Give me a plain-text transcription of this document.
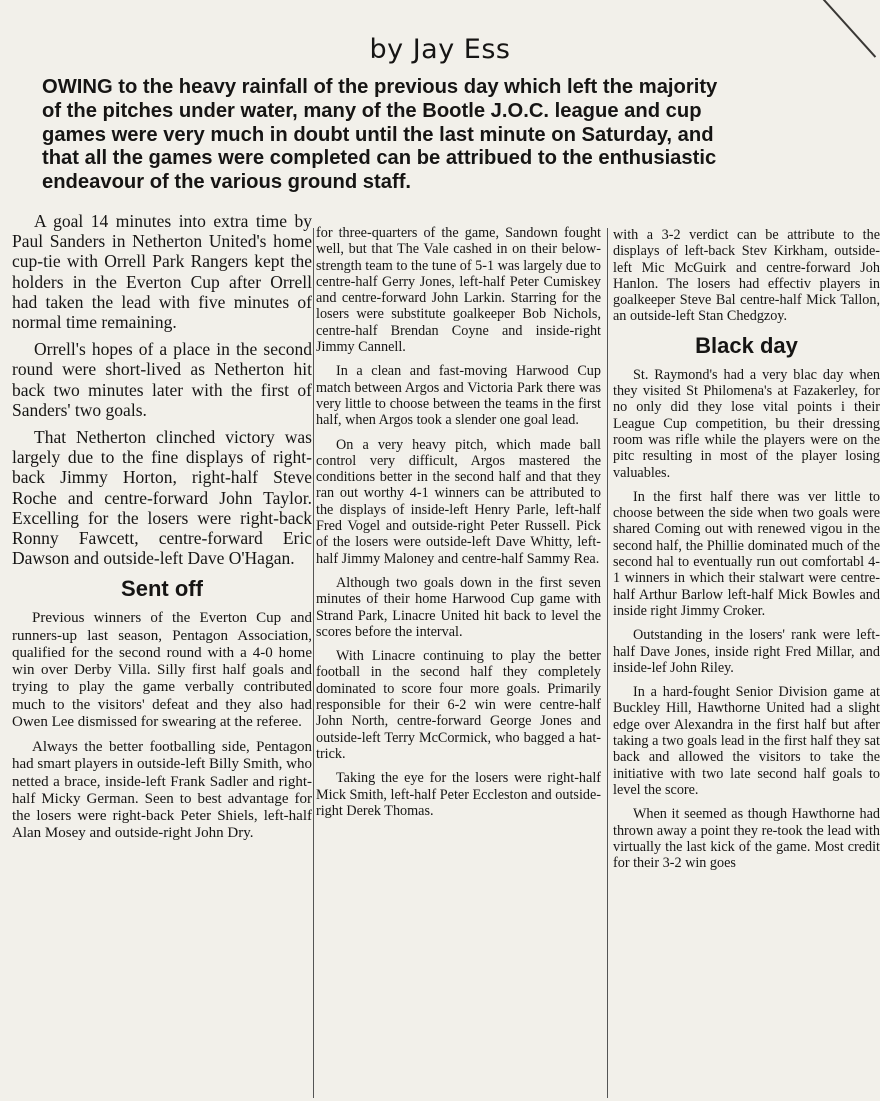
by Jay Ess
OWING to the heavy rainfall of the previous day which left the majority
of the pitches under water, many of the Bootle J.O.C. league and cup
games were very much in doubt until the last minute on Saturday, and
that all the games were completed can be attribued to the enthusiastic
endeavour of the various ground staff.

A goal 14 minutes into extra time by Paul Sanders in Netherton United's home cup-tie with Orrell Park Rangers kept the holders in the Everton Cup after Orrell had taken the lead with five minutes of normal time remaining.

Orrell's hopes of a place in the second round were short-lived as Netherton hit back two minutes later with the first of Sanders' two goals.

That Netherton clinched victory was largely due to the fine displays of right-back Jimmy Horton, right-half Steve Roche and centre-forward John Taylor. Excelling for the losers were right-back Ronny Fawcett, centre-forward Eric Dawson and outside-left Dave O'Hagan.

Sent off

Previous winners of the Everton Cup and runners-up last season, Pentagon Association, qualified for the second round with a 4-0 home win over Derby Villa. Silly first half goals and trying to play the game verbally contributed much to the visitors' defeat and they also had Owen Lee dismissed for swearing at the referee.

Always the better footballing side, Pentagon had smart players in outside-left Billy Smith, who netted a brace, inside-left Frank Sadler and right-half Micky German. Seen to best advantage for the losers were right-back Peter Shiels, left-half Alan Mosey and outside-right John Dry.

for three-quarters of the game, Sandown fought well, but that The Vale cashed in on their below-strength team to the tune of 5-1 was largely due to centre-half Gerry Jones, left-half Peter Cumiskey and centre-forward John Larkin. Starring for the losers were substitute goalkeeper Bob Nichols, centre-half Brendan Coyne and inside-right Jimmy Cannell.

In a clean and fast-moving Harwood Cup match between Argos and Victoria Park there was very little to choose between the teams in the first half, when Argos took a slender one goal lead.

On a very heavy pitch, which made ball control very difficult, Argos mastered the conditions better in the second half and that they ran out worthy 4-1 winners can be attributed to the displays of inside-left Henry Parle, left-half Fred Vogel and outside-right Peter Russell. Pick of the losers were outside-left Dave Whitty, left-half Jimmy Maloney and centre-half Sammy Rea.

Although two goals down in the first seven minutes of their home Harwood Cup game with Strand Park, Linacre United hit back to level the scores before the interval.

With Linacre continuing to play the better football in the second half they completely dominated to score four more goals. Primarily responsible for their 6-2 win were centre-half John North, centre-forward George Jones and outside-left Terry McCormick, who bagged a hat-trick.

Taking the eye for the losers were right-half Mick Smith, left-half Peter Eccleston and outside-right Derek Thomas.

with a 3-2 verdict can be attribute to the displays of left-back Stev Kirkham, outside-left Mic McGuirk and centre-forward Joh Hanlon. The losers had effectiv players in goalkeeper Steve Bal centre-half Mick Tallon, an outside-left Stan Chedgzoy.

Black day

St. Raymond's had a very blac day when they visited St Philomena's at Fazakerley, for no only did they lose vital points i their League Cup competition, bu their dressing room was rifle while the players were on the pitc resulting in most of the player losing valuables.

In the first half there was ver little to choose between the side when two goals were shared Coming out with renewed vigou in the second half, the Phillie dominated much of the second hal to eventually run out comfortabl 4-1 winners in which their stalwart were centre-half Arthur Barlow left-half Mick Bowles and inside right Jimmy Croker.

Outstanding in the losers' rank were left-half Dave Jones, inside right Fred Millar, and inside-lef John Riley.

In a hard-fought Senior Division game at Buckley Hill, Hawthorne United had a slight edge over Alexandra in the first half but after taking a two goals lead in the first half they sat back and allowed the visitors to take the initiative with two late second half goals to level the score.

When it seemed as though Hawthorne had thrown away a point they re-took the lead with virtually the last kick of the game. Most credit for their 3-2 win goes
